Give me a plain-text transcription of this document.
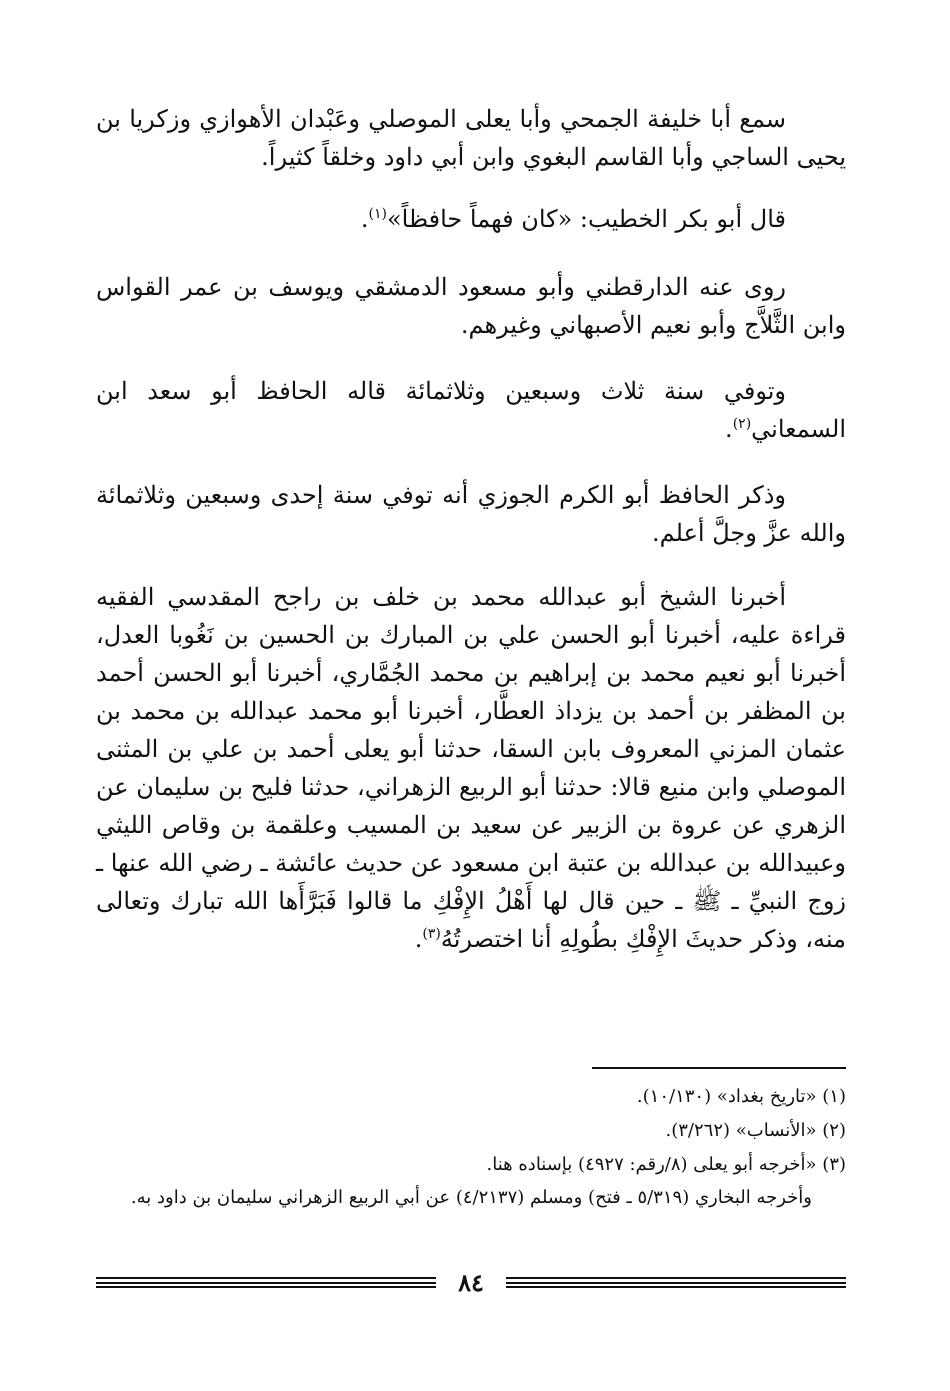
سمع أبا خليفة الجمحي وأبا يعلى الموصلي وعَبْدان الأهوازي وزكريا بن يحيى الساجي وأبا القاسم البغوي وابن أبي داود وخلقاً كثيراً.

قال أبو بكر الخطيب: «كان فهماً حافظاً»$^{(١)}$.

روى عنه الدارقطني وأبو مسعود الدمشقي ويوسف بن عمر القواس وابن الثَّلاَّج وأبو نعيم الأصبهاني وغيرهم.

وتوفي سنة ثلاث وسبعين وثلاثمائة قاله الحافظ أبو سعد ابن السمعاني$^{(٢)}$.

وذكر الحافظ أبو الكرم الجوزي أنه توفي سنة إحدى وسبعين وثلاثمائة والله عزَّ وجلَّ أعلم.

أخبرنا الشيخ أبو عبدالله محمد بن خلف بن راجح المقدسي الفقيه قراءة عليه، أخبرنا أبو الحسن علي بن المبارك بن الحسين بن نَغُوبا العدل، أخبرنا أبو نعيم محمد بن إبراهيم بن محمد الجُمَّاري، أخبرنا أبو الحسن أحمد بن المظفر بن أحمد بن يزداذ العطَّار، أخبرنا أبو محمد عبدالله بن محمد بن عثمان المزني المعروف بابن السقا، حدثنا أبو يعلى أحمد بن علي بن المثنى الموصلي وابن منيع قالا: حدثنا أبو الربيع الزهراني، حدثنا فليح بن سليمان عن الزهري عن عروة بن الزبير عن سعيد بن المسيب وعلقمة بن وقاص الليثي وعبيدالله بن عبدالله بن عتبة ابن مسعود عن حديث عائشة ـ رضي الله عنها ـ زوج النبيِّ ـ ﷺ ـ حين قال لها أَهْلُ الإِفْكِ ما قالوا فَبَرَّأَها الله تبارك وتعالى منه، وذكر حديثَ الإِفْكِ بطُولِهِ أنا اختصرتُهُ$^{(٣)}$.

(١) «تاريخ بغداد» (١٠/١٣٠).
(٢) «الأنساب» (٣/٢٦٢).
(٣) «أخرجه أبو يعلى (٨/رقم: ٤٩٢٧) بإسناده هنا.
وأخرجه البخاري (٥/٣١٩ ـ فتح) ومسلم (٤/٢١٣٧) عن أبي الربيع الزهراني سليمان بن داود به.
٨٤
